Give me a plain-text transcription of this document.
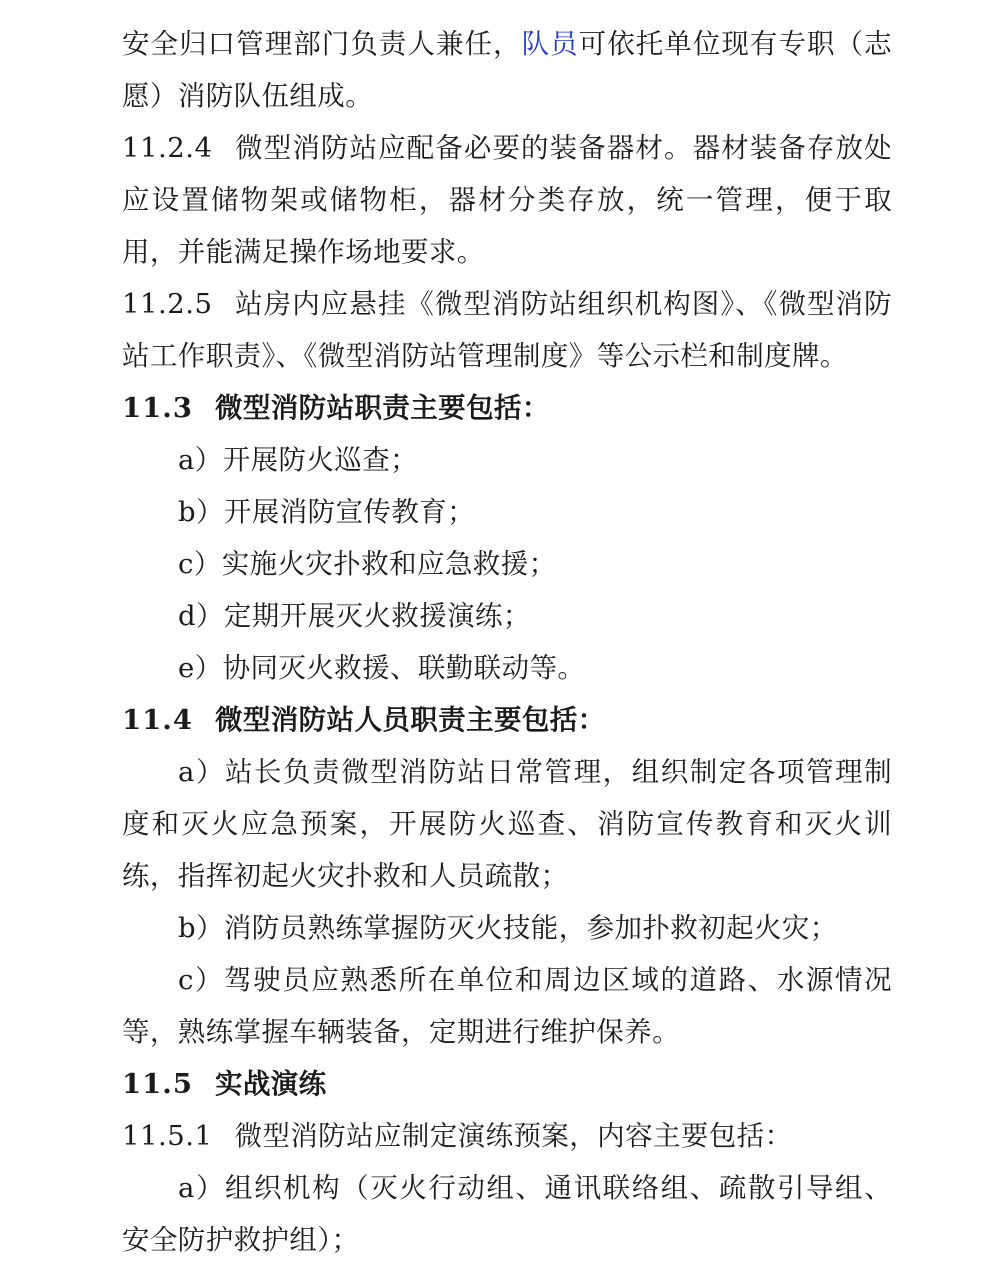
安全归口管理部门负责人兼任，队员可依托单位现有专职（志愿）消防队伍组成。

11.2.4 微型消防站应配备必要的装备器材。器材装备存放处应设置储物架或储物柜，器材分类存放，统一管理，便于取用，并能满足操作场地要求。

11.2.5 站房内应悬挂《微型消防站组织机构图》、《微型消防站工作职责》、《微型消防站管理制度》等公示栏和制度牌。

11.3 微型消防站职责主要包括：

a）开展防火巡查；

b）开展消防宣传教育；

c）实施火灾扑救和应急救援；

d）定期开展灭火救援演练；

e）协同灭火救援、联勤联动等。

11.4 微型消防站人员职责主要包括：

a）站长负责微型消防站日常管理，组织制定各项管理制度和灭火应急预案，开展防火巡查、消防宣传教育和灭火训练，指挥初起火灾扑救和人员疏散；

b）消防员熟练掌握防灭火技能，参加扑救初起火灾；

c）驾驶员应熟悉所在单位和周边区域的道路、水源情况等，熟练掌握车辆装备，定期进行维护保养。

11.5 实战演练

11.5.1 微型消防站应制定演练预案，内容主要包括：

a）组织机构（灭火行动组、通讯联络组、疏散引导组、安全防护救护组）；
